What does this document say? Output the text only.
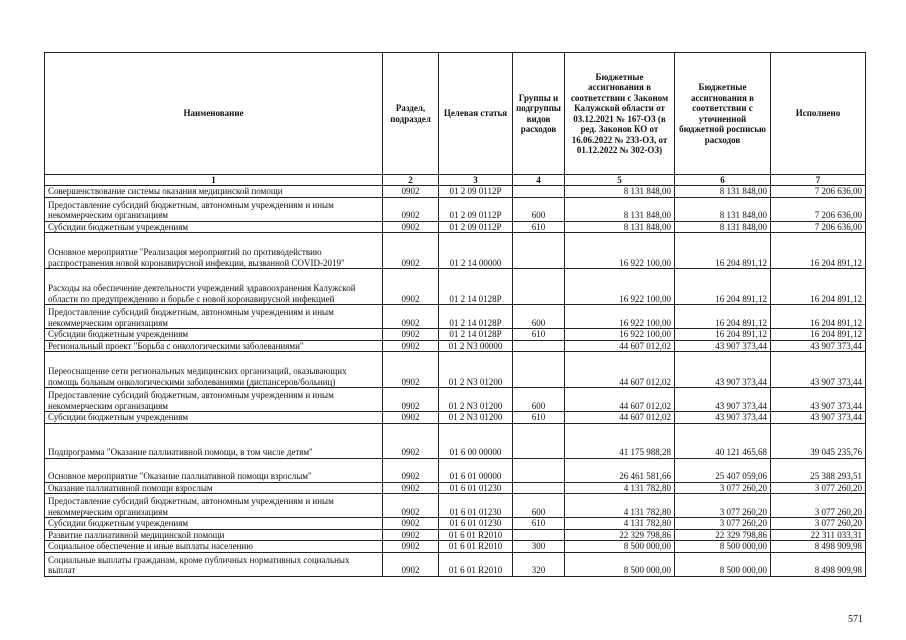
Наименование	Раздел, подраздел	Целевая статья	Группы и подгруппы видов расходов	Бюджетные ассигнования в соответствии с Законом Калужской области от 03.12.2021 № 167-ОЗ (в ред. Законов КО от 16.06.2022 № 233-ОЗ, от 01.12.2022 № 302-ОЗ)	Бюджетные ассигнования в соответствии с уточненной бюджетной росписью расходов	Исполнено
1	2	3	4	5	6	7
Совершенствование системы оказания медицинской помощи	0902	01 2 09 0112Р		8 131 848,00	8 131 848,00	7 206 636,00
Предоставление субсидий бюджетным, автономным учреждениям и иным некоммерческим организациям	0902	01 2 09 0112Р	600	8 131 848,00	8 131 848,00	7 206 636,00
Субсидии бюджетным учреждениям	0902	01 2 09 0112Р	610	8 131 848,00	8 131 848,00	7 206 636,00
Основное мероприятие "Реализация мероприятий по противодействию распространения новой коронавирусной инфекции, вызванной COVID-2019"	0902	01 2 14 00000		16 922 100,00	16 204 891,12	16 204 891,12
Расходы на обеспечение деятельности учреждений здравоохранения Калужской области по предупреждению и борьбе с новой коронавирусной инфекцией	0902	01 2 14 0128Р		16 922 100,00	16 204 891,12	16 204 891,12
Предоставление субсидий бюджетным, автономным учреждениям и иным некоммерческим организациям	0902	01 2 14 0128Р	600	16 922 100,00	16 204 891,12	16 204 891,12
Субсидии бюджетным учреждениям	0902	01 2 14 0128Р	610	16 922 100,00	16 204 891,12	16 204 891,12
Региональный проект "Борьба с онкологическими заболеваниями"	0902	01 2 N3 00000		44 607 012,02	43 907 373,44	43 907 373,44
Переоснащение сети региональных медицинских организаций, оказывающих помощь больным онкологическими заболеваниями (диспансеров/больниц)	0902	01 2 N3 01200		44 607 012,02	43 907 373,44	43 907 373,44
Предоставление субсидий бюджетным, автономным учреждениям и иным некоммерческим организациям	0902	01 2 N3 01200	600	44 607 012,02	43 907 373,44	43 907 373,44
Субсидии бюджетным учреждениям	0902	01 2 N3 01200	610	44 607 012,02	43 907 373,44	43 907 373,44
Подпрограмма "Оказание паллиативной помощи, в том числе детям"	0902	01 6 00 00000		41 175 988,28	40 121 465,68	39 045 235,76
Основное мероприятие "Оказание паллиативной помощи взрослым"	0902	01 6 01 00000		26 461 581,66	25 407 059,06	25 388 293,51
Оказание паллиативной помощи взрослым	0902	01 6 01 01230		4 131 782,80	3 077 260,20	3 077 260,20
Предоставление субсидий бюджетным, автономным учреждениям и иным некоммерческим организациям	0902	01 6 01 01230	600	4 131 782,80	3 077 260,20	3 077 260,20
Субсидии бюджетным учреждениям	0902	01 6 01 01230	610	4 131 782,80	3 077 260,20	3 077 260,20
Развитие паллиативной медицинской помощи	0902	01 6 01 R2010		22 329 798,86	22 329 798,86	22 311 033,31
Социальное обеспечение и иные выплаты населению	0902	01 6 01 R2010	300	8 500 000,00	8 500 000,00	8 498 909,98
Социальные выплаты гражданам, кроме публичных нормативных социальных выплат	0902	01 6 01 R2010	320	8 500 000,00	8 500 000,00	8 498 909,98
571
